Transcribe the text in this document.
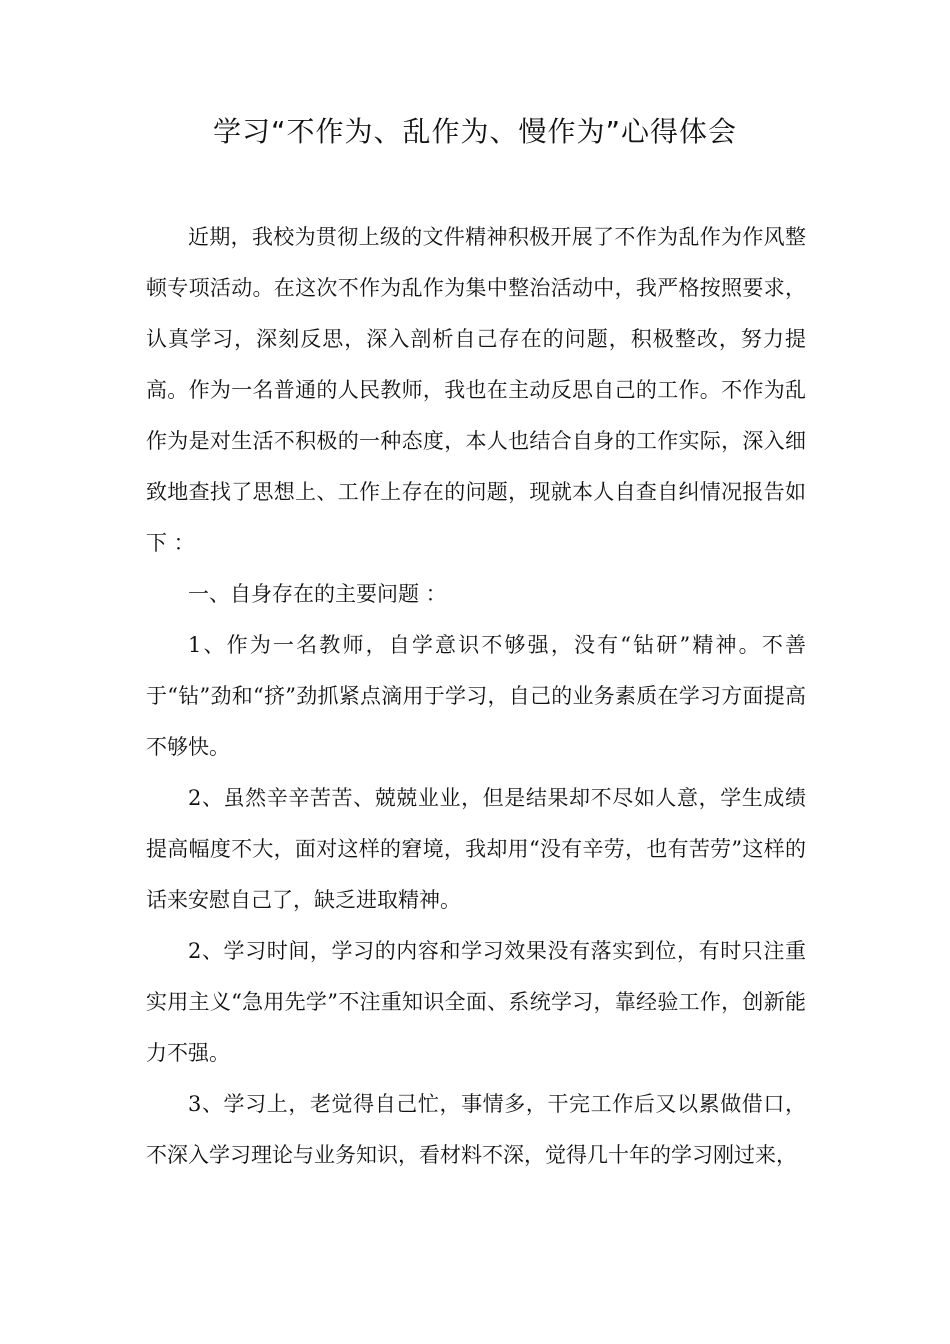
学习“不作为、乱作为、慢作为”心得体会

近期，我校为贯彻上级的文件精神积极开展了不作为乱作为作风整顿专项活动。在这次不作为乱作为集中整治活动中，我严格按照要求，认真学习，深刻反思，深入剖析自己存在的问题，积极整改，努力提高。作为一名普通的人民教师，我也在主动反思自己的工作。不作为乱作为是对生活不积极的一种态度，本人也结合自身的工作实际，深入细致地查找了思想上、工作上存在的问题，现就本人自查自纠情况报告如下 ：

一、自身存在的主要问题 ：

1、作为一名教师，自学意识不够强，没有“钻研”精神。不善于“钻”劲和“挤”劲抓紧点滴用于学习，自己的业务素质在学习方面提高不够快。

2、虽然辛辛苦苦、兢兢业业，但是结果却不尽如人意，学生成绩提高幅度不大，面对这样的窘境，我却用“没有辛劳，也有苦劳”这样的话来安慰自己了，缺乏进取精神。

2、学习时间，学习的内容和学习效果没有落实到位，有时只注重实用主义“急用先学”不注重知识全面、系统学习，靠经验工作，创新能力不强。

3、学习上，老觉得自己忙，事情多，干完工作后又以累做借口，不深入学习理论与业务知识，看材料不深，觉得几十年的学习刚过来，
